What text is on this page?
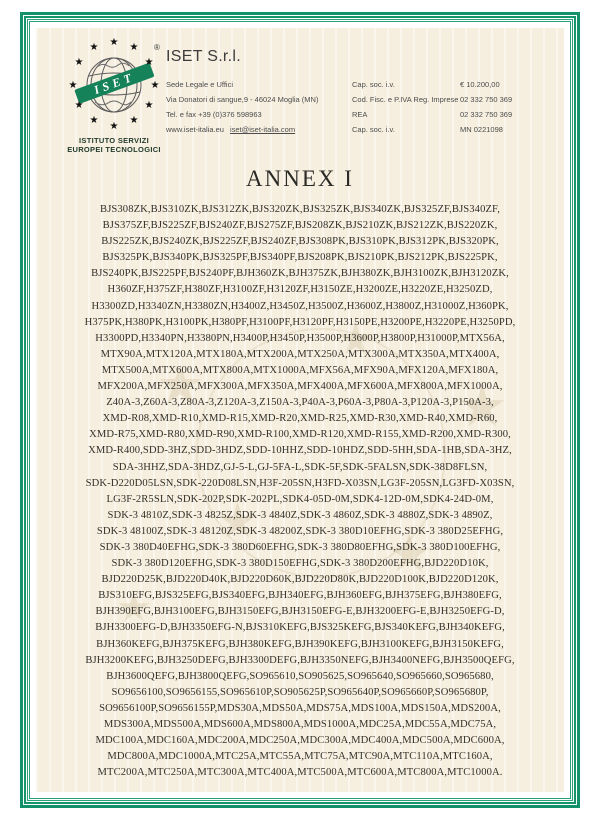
★
★
★
★
★
★
ISET
★ ★
★
★
★
★
★
★
★
★
★
★	®
ISTITUTO SERVIZI
EUROPEI TECNOLOGICI
ISET S.r.l.
Sede Legale e Uffici
Via Donatori di sangue,9 - 46024 Moglia (MN)
Tel. e fax +39 (0)376 598963
www.iset-italia.eu iset@iset-italia.com
Cap. soc. i.v.	€ 10.200,00
Cod. Fisc. e P.IVA Reg. Imprese 02 332 750 369
REA	02 332 750 369
Cap. soc. i.v.	MN 0221098
ANNEX I
BJS308ZK,BJS310ZK,BJS312ZK,BJS320ZK,BJS325ZK,BJS340ZK,BJS325ZF,BJS340ZF,
BJS375ZF,BJS225ZF,BJS240ZF,BJS275ZF,BJS208ZK,BJS210ZK,BJS212ZK,BJS220ZK,
BJS225ZK,BJS240ZK,BJS225ZF,BJS240ZF,BJS308PK,BJS310PK,BJS312PK,BJS320PK,
BJS325PK,BJS340PK,BJS325PF,BJS340PF,BJS208PK,BJS210PK,BJS212PK,BJS225PK,
BJS240PK,BJS225PF,BJS240PF,BJH360ZK,BJH375ZK,BJH380ZK,BJH3100ZK,BJH3120ZK,
H360ZF,H375ZF,H380ZF,H3100ZF,H3120ZF,H3150ZE,H3200ZE,H3220ZE,H3250ZD,
H3300ZD,H3340ZN,H3380ZN,H3400Z,H3450Z,H3500Z,H3600Z,H3800Z,H31000Z,H360PK,
H375PK,H380PK,H3100PK,H380PF,H3100PF,H3120PF,H3150PE,H3200PE,H3220PE,H3250PD,
H3300PD,H3340PN,H3380PN,H3400P,H3450P,H3500P,H3600P,H3800P,H31000P,MTX56A,
MTX90A,MTX120A,MTX180A,MTX200A,MTX250A,MTX300A,MTX350A,MTX400A,
MTX500A,MTX600A,MTX800A,MTX1000A,MFX56A,MFX90A,MFX120A,MFX180A,
MFX200A,MFX250A,MFX300A,MFX350A,MFX400A,MFX600A,MFX800A,MFX1000A,
Z40A-3,Z60A-3,Z80A-3,Z120A-3,Z150A-3,P40A-3,P60A-3,P80A-3,P120A-3,P150A-3,
XMD-R08,XMD-R10,XMD-R15,XMD-R20,XMD-R25,XMD-R30,XMD-R40,XMD-R60,
XMD-R75,XMD-R80,XMD-R90,XMD-R100,XMD-R120,XMD-R155,XMD-R200,XMD-R300,
XMD-R400,SDD-3HZ,SDD-3HDZ,SDD-10HHZ,SDD-10HDZ,SDD-5HH,SDA-1HB,SDA-3HZ,
SDA-3HHZ,SDA-3HDZ,GJ-5-L,GJ-5FA-L,SDK-5F,SDK-5FALSN,SDK-38D8FLSN,
SDK-D220D05LSN,SDK-220D08LSN,H3F-205SN,H3FD-X03SN,LG3F-205SN,LG3FD-X03SN,
LG3F-2R5SLN,SDK-202P,SDK-202PL,SDK4-05D-0M,SDK4-12D-0M,SDK4-24D-0M,
SDK-3 4810Z,SDK-3 4825Z,SDK-3 4840Z,SDK-3 4860Z,SDK-3 4880Z,SDK-3 4890Z,
SDK-3 48100Z,SDK-3 48120Z,SDK-3 48200Z,SDK-3 380D10EFHG,SDK-3 380D25EFHG,
SDK-3 380D40EFHG,SDK-3 380D60EFHG,SDK-3 380D80EFHG,SDK-3 380D100EFHG,
SDK-3 380D120EFHG,SDK-3 380D150EFHG,SDK-3 380D200EFHG,BJD220D10K,
BJD220D25K,BJD220D40K,BJD220D60K,BJD220D80K,BJD220D100K,BJD220D120K,
BJS310EFG,BJS325EFG,BJS340EFG,BJH340EFG,BJH360EFG,BJH375EFG,BJH380EFG,
BJH390EFG,BJH3100EFG,BJH3150EFG,BJH3150EFG-E,BJH3200EFG-E,BJH3250EFG-D,
BJH3300EFG-D,BJH3350EFG-N,BJS310KEFG,BJS325KEFG,BJS340KEFG,BJH340KEFG,
BJH360KEFG,BJH375KEFG,BJH380KEFG,BJH390KEFG,BJH3100KEFG,BJH3150KEFG,
BJH3200KEFG,BJH3250DEFG,BJH3300DEFG,BJH3350NEFG,BJH3400NEFG,BJH3500QEFG,
BJH3600QEFG,BJH3800QEFG,SO965610,SO905625,SO965640,SO965660,SO965680,
SO9656100,SO9656155,SO965610P,SO905625P,SO965640P,SO965660P,SO965680P,
SO9656100P,SO9656155P,MDS30A,MDS50A,MDS75A,MDS100A,MDS150A,MDS200A,
MDS300A,MDS500A,MDS600A,MDS800A,MDS1000A,MDC25A,MDC55A,MDC75A,
MDC100A,MDC160A,MDC200A,MDC250A,MDC300A,MDC400A,MDC500A,MDC600A,
MDC800A,MDC1000A,MTC25A,MTC55A,MTC75A,MTC90A,MTC110A,MTC160A,
MTC200A,MTC250A,MTC300A,MTC400A,MTC500A,MTC600A,MTC800A,MTC1000A.
